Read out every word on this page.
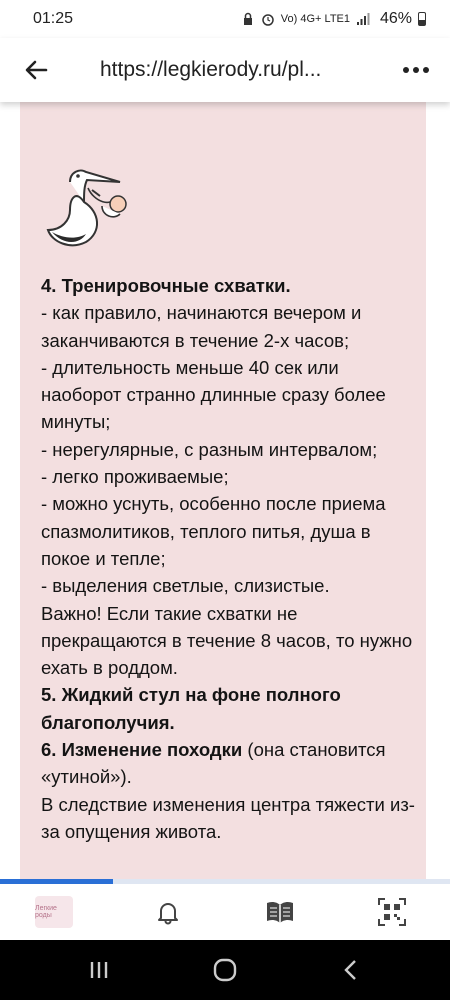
01:25	Vo) 4G+ LTE1 46%
https://legkierody.ru/pl...

4. Тренировочные схватки.

- как правило, начинаются вечером и заканчиваются в течение 2-х часов;

- длительность меньше 40 сек или наоборот странно длинные сразу более минуты;

- нерегулярные, с разным интервалом;

- легко проживаемые;

- можно уснуть, особенно после приема спазмолитиков, теплого питья, душа в покое и тепле;

- выделения светлые, слизистые.

Важно! Если такие схватки не прекращаются в течение 8 часов, то нужно ехать в роддом.

5. Жидкий стул на фоне полного благополучия.

6. Изменение походки (она становится «утиной»).

В следствие изменения центра тяжести из-за опущения живота.

Легкие роды
